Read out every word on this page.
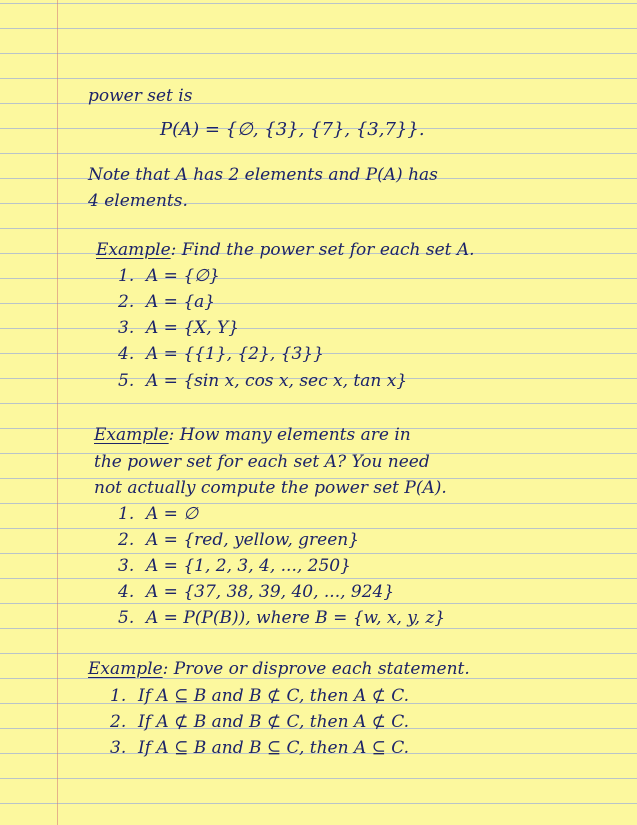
power set is
P(A) = {∅, {3}, {7}, {3,7}}.
Note that A has 2 elements and P(A) has
4 elements.
Example: Find the power set for each set A.
1. A = {∅}
2. A = {a}
3. A = {X, Y}
4. A = {{1}, {2}, {3}}
5. A = {sin x, cos x, sec x, tan x}
Example: How many elements are in
the power set for each set A? You need
not actually compute the power set P(A).
1. A = ∅
2. A = {red, yellow, green}
3. A = {1, 2, 3, 4, ..., 250}
4. A = {37, 38, 39, 40, ..., 924}
5. A = P(P(B)), where B = {w, x, y, z}
Example: Prove or disprove each statement.
1. If A ⊆ B and B ⊄ C, then A ⊄ C.
2. If A ⊄ B and B ⊄ C, then A ⊄ C.
3. If A ⊆ B and B ⊆ C, then A ⊆ C.
